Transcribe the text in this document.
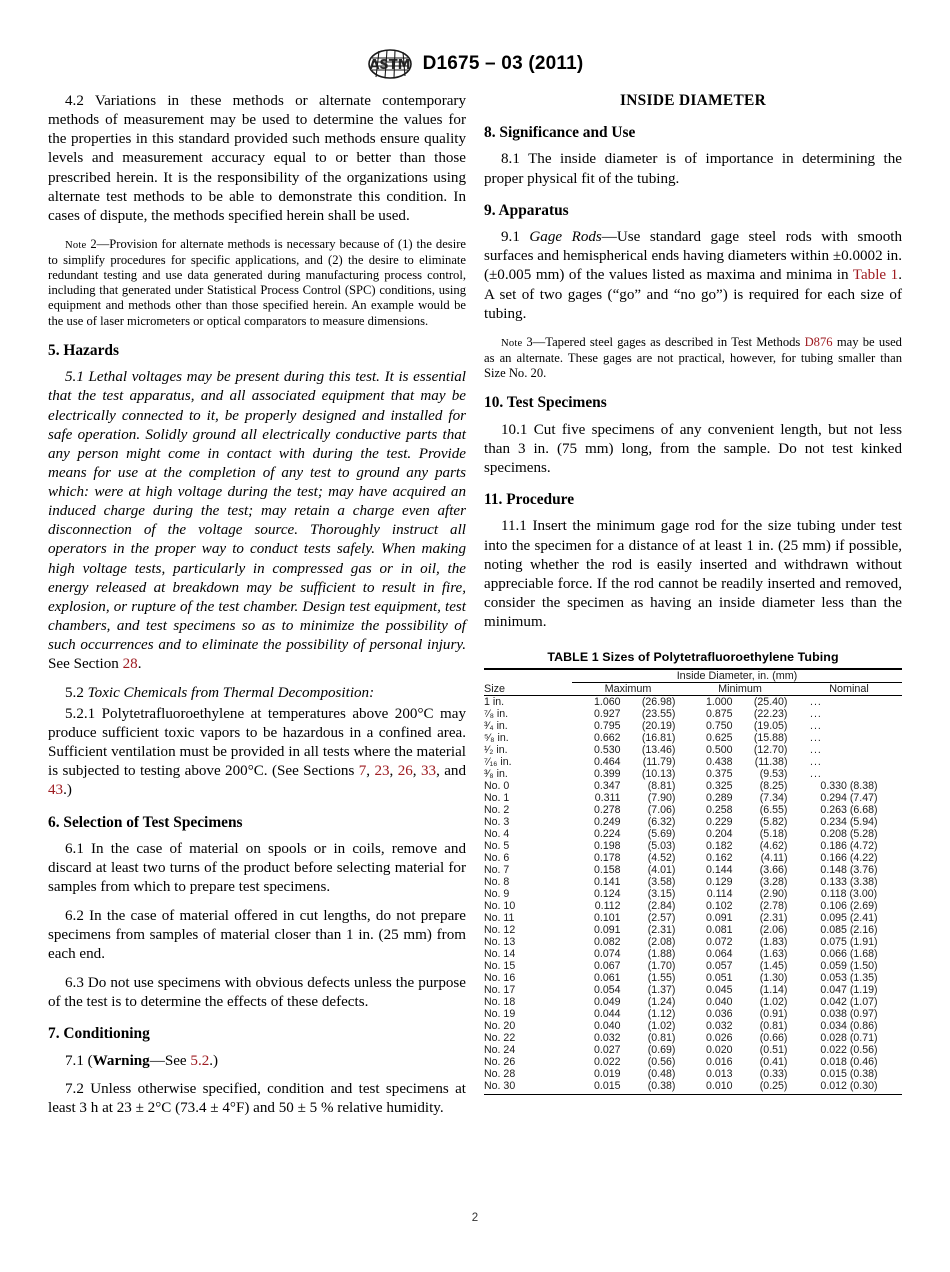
ASTM D1675 – 03 (2011)

4.2 Variations in these methods or alternate contemporary methods of measurement may be used to determine the values for the properties in this standard provided such methods ensure quality levels and measurement accuracy equal to or better than those prescribed herein. It is the responsibility of the organizations using alternate test methods to be able to demonstrate this condition. In cases of dispute, the methods specified herein shall be used.

Note 2—Provision for alternate methods is necessary because of (1) the desire to simplify procedures for specific applications, and (2) the desire to eliminate redundant testing and use data generated during manufacturing process control, including that generated under Statistical Process Control (SPC) conditions, using equipment and methods other than those specified herein. An example would be the use of laser micrometers or optical comparators to measure dimensions.

5. Hazards

5.1 Lethal voltages may be present during this test. It is essential that the test apparatus, and all associated equipment that may be electrically connected to it, be properly designed and installed for safe operation. Solidly ground all electrically conductive parts that any person might come in contact with during the test. Provide means for use at the completion of any test to ground any parts which: were at high voltage during the test; may have acquired an induced charge during the test; may retain a charge even after disconnection of the voltage source. Thoroughly instruct all operators in the proper way to conduct tests safely. When making high voltage tests, particularly in compressed gas or in oil, the energy released at breakdown may be sufficient to result in fire, explosion, or rupture of the test chamber. Design test equipment, test chambers, and test specimens so as to minimize the possibility of such occurrences and to eliminate the possibility of personal injury. See Section 28.

5.2 Toxic Chemicals from Thermal Decomposition:

5.2.1 Polytetrafluoroethylene at temperatures above 200°C may produce sufficient toxic vapors to be hazardous in a confined area. Sufficient ventilation must be provided in all tests where the material is subjected to testing above 200°C. (See Sections 7, 23, 26, 33, and 43.)

6. Selection of Test Specimens

6.1 In the case of material on spools or in coils, remove and discard at least two turns of the product before selecting material for samples from which to prepare test specimens.

6.2 In the case of material offered in cut lengths, do not prepare specimens from samples of material closer than 1 in. (25 mm) from each end.

6.3 Do not use specimens with obvious defects unless the purpose of the test is to determine the effects of these defects.

7. Conditioning

7.1 (Warning—See 5.2.)

7.2 Unless otherwise specified, condition and test specimens at least 3 h at 23 ± 2°C (73.4 ± 4°F) and 50 ± 5 % relative humidity.

INSIDE DIAMETER
8. Significance and Use

8.1 The inside diameter is of importance in determining the proper physical fit of the tubing.

9. Apparatus

9.1 Gage Rods—Use standard gage steel rods with smooth surfaces and hemispherical ends having diameters within ±0.0002 in. (±0.005 mm) of the values listed as maxima and minima in Table 1. A set of two gages (“go” and “no go”) is required for each size of tubing.

Note 3—Tapered steel gages as described in Test Methods D876 may be used as an alternate. These gages are not practical, however, for tubing smaller than Size No. 20.

10. Test Specimens

10.1 Cut five specimens of any convenient length, but not less than 3 in. (75 mm) long, from the sample. Do not test kinked specimens.

11. Procedure

11.1 Insert the minimum gage rod for the size tubing under test into the specimen for a distance of at least 1 in. (25 mm) if possible, noting whether the rod is easily inserted and withdrawn without appreciable force. If the rod cannot be readily inserted and removed, consider the specimen as having an inside diameter less than the minimum.

TABLE 1 Sizes of Polytetrafluoroethylene Tubing
Size	Inside Diameter, in. (mm)		
	Maximum	Minimum	Nominal
1 in.	1.060 (26.98)	1.000 (25.40)	...
⁷⁄₈ in.	0.927 (23.55)	0.875 (22.23)	...
³⁄₄ in.	0.795 (20.19)	0.750 (19.05)	...
⁵⁄₈ in.	0.662 (16.81)	0.625 (15.88)	...
¹⁄₂ in.	0.530 (13.46)	0.500 (12.70)	...
⁷⁄₁₆ in.	0.464 (11.79)	0.438 (11.38)	...
³⁄₈ in.	0.399 (10.13)	0.375 (9.53)	...
No. 0	0.347 (8.81)	0.325 (8.25)	0.330 (8.38)
No. 1	0.311 (7.90)	0.289 (7.34)	0.294 (7.47)
No. 2	0.278 (7.06)	0.258 (6.55)	0.263 (6.68)
No. 3	0.249 (6.32)	0.229 (5.82)	0.234 (5.94)
No. 4	0.224 (5.69)	0.204 (5.18)	0.208 (5.28)
No. 5	0.198 (5.03)	0.182 (4.62)	0.186 (4.72)
No. 6	0.178 (4.52)	0.162 (4.11)	0.166 (4.22)
No. 7	0.158 (4.01)	0.144 (3.66)	0.148 (3.76)
No. 8	0.141 (3.58)	0.129 (3.28)	0.133 (3.38)
No. 9	0.124 (3.15)	0.114 (2.90)	0.118 (3.00)
No. 10	0.112 (2.84)	0.102 (2.78)	0.106 (2.69)
No. 11	0.101 (2.57)	0.091 (2.31)	0.095 (2.41)
No. 12	0.091 (2.31)	0.081 (2.06)	0.085 (2.16)
No. 13	0.082 (2.08)	0.072 (1.83)	0.075 (1.91)
No. 14	0.074 (1.88)	0.064 (1.63)	0.066 (1.68)
No. 15	0.067 (1.70)	0.057 (1.45)	0.059 (1.50)
No. 16	0.061 (1.55)	0.051 (1.30)	0.053 (1.35)
No. 17	0.054 (1.37)	0.045 (1.14)	0.047 (1.19)
No. 18	0.049 (1.24)	0.040 (1.02)	0.042 (1.07)
No. 19	0.044 (1.12)	0.036 (0.91)	0.038 (0.97)
No. 20	0.040 (1.02)	0.032 (0.81)	0.034 (0.86)
No. 22	0.032 (0.81)	0.026 (0.66)	0.028 (0.71)
No. 24	0.027 (0.69)	0.020 (0.51)	0.022 (0.56)
No. 26	0.022 (0.56)	0.016 (0.41)	0.018 (0.46)
No. 28	0.019 (0.48)	0.013 (0.33)	0.015 (0.38)
No. 30	0.015 (0.38)	0.010 (0.25)	0.012 (0.30)
2
